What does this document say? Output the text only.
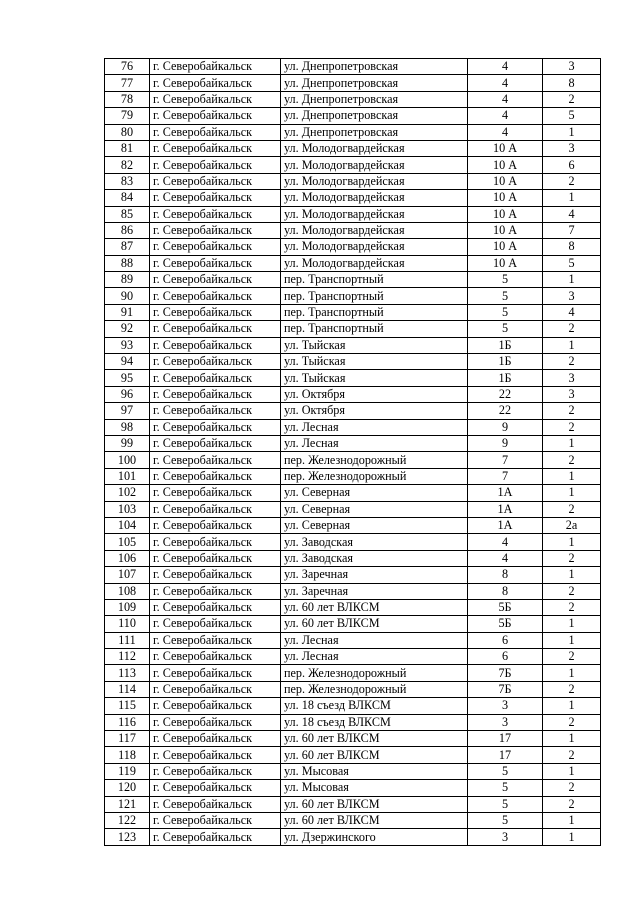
76	г. Северобайкальск	ул. Днепропетровская	4	3
77	г. Северобайкальск	ул. Днепропетровская	4	8
78	г. Северобайкальск	ул. Днепропетровская	4	2
79	г. Северобайкальск	ул. Днепропетровская	4	5
80	г. Северобайкальск	ул. Днепропетровская	4	1
81	г. Северобайкальск	ул. Молодогвардейская	10 А	3
82	г. Северобайкальск	ул. Молодогвардейская	10 А	6
83	г. Северобайкальск	ул. Молодогвардейская	10 А	2
84	г. Северобайкальск	ул. Молодогвардейская	10 А	1
85	г. Северобайкальск	ул. Молодогвардейская	10 А	4
86	г. Северобайкальск	ул. Молодогвардейская	10 А	7
87	г. Северобайкальск	ул. Молодогвардейская	10 А	8
88	г. Северобайкальск	ул. Молодогвардейская	10 А	5
89	г. Северобайкальск	пер. Транспортный	5	1
90	г. Северобайкальск	пер. Транспортный	5	3
91	г. Северобайкальск	пер. Транспортный	5	4
92	г. Северобайкальск	пер. Транспортный	5	2
93	г. Северобайкальск	ул. Тыйская	1Б	1
94	г. Северобайкальск	ул. Тыйская	1Б	2
95	г. Северобайкальск	ул. Тыйская	1Б	3
96	г. Северобайкальск	ул. Октября	22	3
97	г. Северобайкальск	ул. Октября	22	2
98	г. Северобайкальск	ул. Лесная	9	2
99	г. Северобайкальск	ул. Лесная	9	1
100	г. Северобайкальск	пер. Железнодорожный	7	2
101	г. Северобайкальск	пер. Железнодорожный	7	1
102	г. Северобайкальск	ул. Северная	1А	1
103	г. Северобайкальск	ул. Северная	1А	2
104	г. Северобайкальск	ул. Северная	1А	2а
105	г. Северобайкальск	ул. Заводская	4	1
106	г. Северобайкальск	ул. Заводская	4	2
107	г. Северобайкальск	ул. Заречная	8	1
108	г. Северобайкальск	ул. Заречная	8	2
109	г. Северобайкальск	ул. 60 лет ВЛКСМ	5Б	2
110	г. Северобайкальск	ул. 60 лет ВЛКСМ	5Б	1
111	г. Северобайкальск	ул. Лесная	6	1
112	г. Северобайкальск	ул. Лесная	6	2
113	г. Северобайкальск	пер. Железнодорожный	7Б	1
114	г. Северобайкальск	пер. Железнодорожный	7Б	2
115	г. Северобайкальск	ул. 18 съезд ВЛКСМ	3	1
116	г. Северобайкальск	ул. 18 съезд ВЛКСМ	3	2
117	г. Северобайкальск	ул. 60 лет ВЛКСМ	17	1
118	г. Северобайкальск	ул. 60 лет ВЛКСМ	17	2
119	г. Северобайкальск	ул. Мысовая	5	1
120	г. Северобайкальск	ул. Мысовая	5	2
121	г. Северобайкальск	ул. 60 лет ВЛКСМ	5	2
122	г. Северобайкальск	ул. 60 лет ВЛКСМ	5	1
123	г. Северобайкальск	ул. Дзержинского	3	1
